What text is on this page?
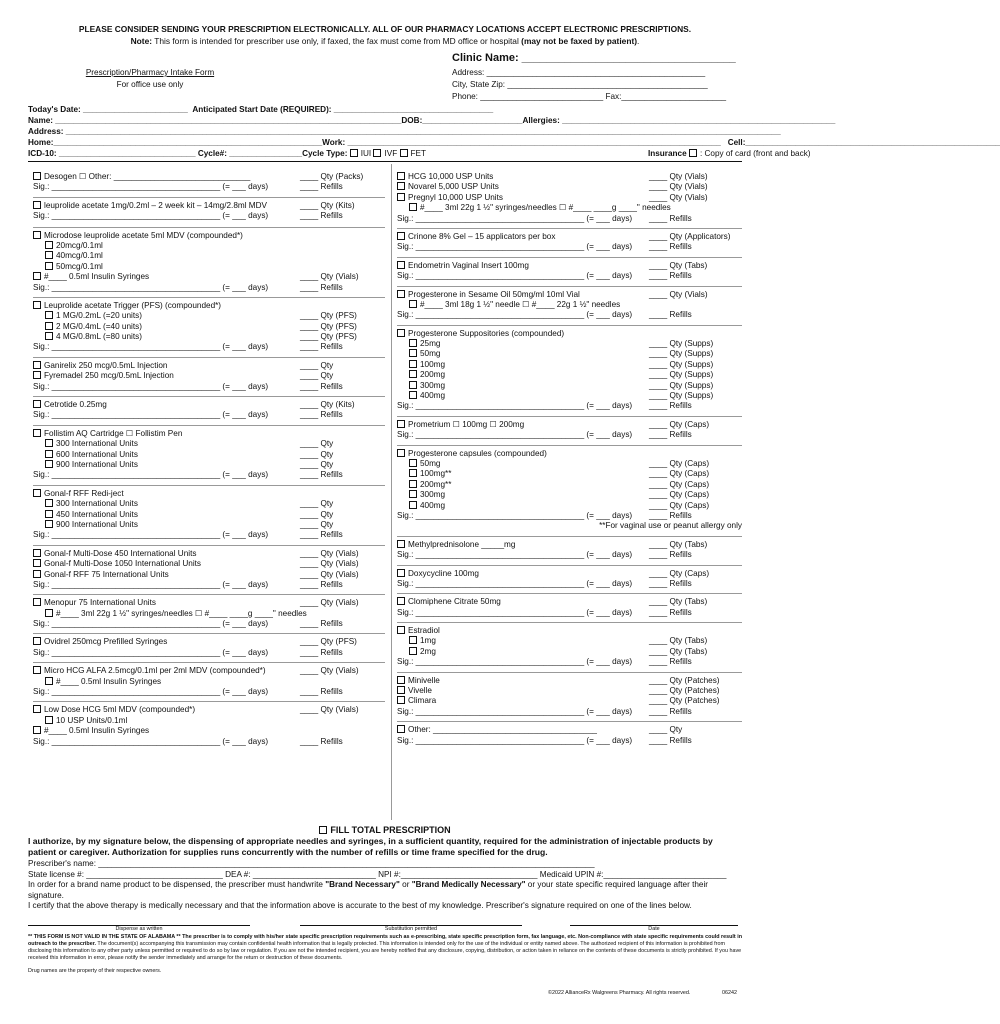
PLEASE CONSIDER SENDING YOUR PRESCRIPTION ELECTRONICALLY. ALL OF OUR PHARMACY LOCATIONS ACCEPT ELECTRONIC PRESCRIPTIONS.
Note: This form is intended for prescriber use only, if faxed, the fax must come from MD office or hospital (may not be faxed by patient).
Clinic Name: ___________________________________
Address: ________________________________________________
City, State Zip: ____________________________________________
Phone: ___________________________ Fax:_______________________
Prescription/Pharmacy Intake Form
For office use only
Today's Date: _______________________ Anticipated Start Date (REQUIRED): ___________________________________
Name: ____________________________________________________________________________DOB:______________________Allergies: ____________________________________________________________
Address: _____________________________________________________________________________________________________________________________________________________________
Home:___________________________________________________________Work: __________________________________________________________________________________ Cell:________________________________________________________
ICD-10: ______________________________ Cycle#: ________________Cycle Type: IUI IVF FET	Insurance : Copy of card (front and back)
Desogen ☐ Other: ______________________________	____ Qty (Packs)
Sig.: _____________________________________ (= ___ days)	____ Refills
leuprolide acetate 1mg/0.2ml – 2 week kit – 14mg/2.8ml MDV	____ Qty (Kits)
Sig.: _____________________________________ (= ___ days)	____ Refills
Microdose leuprolide acetate 5ml MDV (compounded*)
20mcg/0.1ml
40mcg/0.1ml
50mcg/0.1ml
#____ 0.5ml Insulin Syringes	____ Qty (Vials)
Sig.: _____________________________________ (= ___ days)	____ Refills
Leuprolide acetate Trigger (PFS) (compounded*)
1 MG/0.2mL (=20 units)	____ Qty (PFS)
2 MG/0.4mL (=40 units)	____ Qty (PFS)
4 MG/0.8mL (=80 units)	____ Qty (PFS)
Sig.: _____________________________________ (= ___ days)	____ Refills
Ganirelix 250 mcg/0.5mL Injection	____ Qty
Fyremadel 250 mcg/0.5mL Injection	____ Qty
Sig.: _____________________________________ (= ___ days)	____ Refills
Cetrotide 0.25mg	____ Qty (Kits)
Sig.: _____________________________________ (= ___ days)	____ Refills
Follistim AQ Cartridge ☐ Follistim Pen
300 International Units	____ Qty
600 International Units	____ Qty
900 International Units	____ Qty
Sig.: _____________________________________ (= ___ days)	____ Refills
Gonal-f RFF Redi-ject
300 International Units	____ Qty
450 International Units	____ Qty
900 International Units	____ Qty
Sig.: _____________________________________ (= ___ days)	____ Refills
Gonal-f Multi-Dose 450 International Units	____ Qty (Vials)
Gonal-f Multi-Dose 1050 International Units	____ Qty (Vials)
Gonal-f RFF 75 International Units	____ Qty (Vials)
Sig.: _____________________________________ (= ___ days)	____ Refills
Menopur 75 International Units	____ Qty (Vials)
#____ 3ml 22g 1 ½" syringes/needles ☐ #____ ____g ____" needles
Sig.: _____________________________________ (= ___ days)	____ Refills
Ovidrel 250mcg Prefilled Syringes	____ Qty (PFS)
Sig.: _____________________________________ (= ___ days)	____ Refills
Micro HCG ALFA 2.5mcg/0.1ml per 2ml MDV (compounded*)	____ Qty (Vials)
#____ 0.5ml Insulin Syringes
Sig.: _____________________________________ (= ___ days)	____ Refills
Low Dose HCG 5ml MDV (compounded*)	____ Qty (Vials)
10 USP Units/0.1ml
#____ 0.5ml Insulin Syringes
Sig.: _____________________________________ (= ___ days)	____ Refills
HCG 10,000 USP Units	____ Qty (Vials)
Novarel 5,000 USP Units	____ Qty (Vials)
Pregnyl 10,000 USP Units	____ Qty (Vials)
#____ 3ml 22g 1 ½" syringes/needles ☐ #____ ____g ____" needles
Sig.: _____________________________________ (= ___ days) ____ Refills
Crinone 8% Gel – 15 applicators per box	____ Qty (Applicators)
Sig.: _____________________________________ (= ___ days) ____ Refills
Endometrin Vaginal Insert 100mg	____ Qty (Tabs)
Sig.: _____________________________________ (= ___ days) ____ Refills
Progesterone in Sesame Oil 50mg/ml 10ml Vial	____ Qty (Vials)
#____ 3ml 18g 1 ½" needle ☐ #____ 22g 1 ½" needles
Sig.: _____________________________________ (= ___ days) ____ Refills
Progesterone Suppositories (compounded)
25mg	____ Qty (Supps)
50mg	____ Qty (Supps)
100mg	____ Qty (Supps)
200mg	____ Qty (Supps)
300mg	____ Qty (Supps)
400mg	____ Qty (Supps)
Sig.: _____________________________________ (= ___ days) ____ Refills
Prometrium ☐ 100mg ☐ 200mg	____ Qty (Caps)
Sig.: _____________________________________ (= ___ days) ____ Refills
Progesterone capsules (compounded)
50mg	____ Qty (Caps)
100mg**	____ Qty (Caps)
200mg**	____ Qty (Caps)
300mg	____ Qty (Caps)
400mg	____ Qty (Caps)
Sig.: _____________________________________ (= ___ days) ____ Refills
**For vaginal use or peanut allergy only
Methylprednisolone _____mg	____ Qty (Tabs)
Sig.: _____________________________________ (= ___ days) ____ Refills
Doxycycline 100mg	____ Qty (Caps)
Sig.: _____________________________________ (= ___ days) ____ Refills
Clomiphene Citrate 50mg	____ Qty (Tabs)
Sig.: _____________________________________ (= ___ days) ____ Refills
Estradiol
1mg	____ Qty (Tabs)
2mg	____ Qty (Tabs)
Sig.: _____________________________________ (= ___ days) ____ Refills
Minivelle	____ Qty (Patches)
Vivelle	____ Qty (Patches)
Climara	____ Qty (Patches)
Sig.: _____________________________________ (= ___ days) ____ Refills
Other: ____________________________________	____ Qty
Sig.: _____________________________________ (= ___ days) ____ Refills
FILL TOTAL PRESCRIPTION
I authorize, by my signature below, the dispensing of appropriate needles and syringes, in a sufficient quantity, required for the administration of injectable products by patient or caregiver. Authorization for supplies runs concurrently with the number of refills or time frame specified for the drug.
Prescriber's name: _____________________________________________________________________________________________________________
State license #: ______________________________ DEA #: ___________________________ NPI #:______________________________ Medicaid UPIN #:___________________________
In order for a brand name product to be dispensed, the prescriber must handwrite "Brand Necessary" or "Brand Medically Necessary" or your state specific required language after their signature.
I certify that the above therapy is medically necessary and that the information above is accurate to the best of my knowledge. Prescriber's signature required on one of the lines below.
Dispense as written	Substitution permitted	Date
** THIS FORM IS NOT VALID IN THE STATE OF ALABAMA ** The prescriber is to comply with his/her state specific prescription requirements such as e-prescribing, state specific prescription form, fax language, etc. Non-compliance with state specific requirements could result in outreach to the prescriber. The document(s) accompanying this transmission may contain confidential health information that is legally protected. This information is intended only for the use of the individual or entity named above. The authorized recipient of this information is prohibited from disclosing this information to any other party unless permitted or required to do so by law or regulation. If you are not the intended recipient, you are hereby notified that any disclosure, copying, distribution, or action taken in reliance on the contents of these documents is strictly prohibited. If you have received this information in error, please notify the sender immediately and arrange for the return or destruction of these documents.
Drug names are the property of their respective owners.
©2022 AllianceRx Walgreens Pharmacy. All rights reserved.	06242
